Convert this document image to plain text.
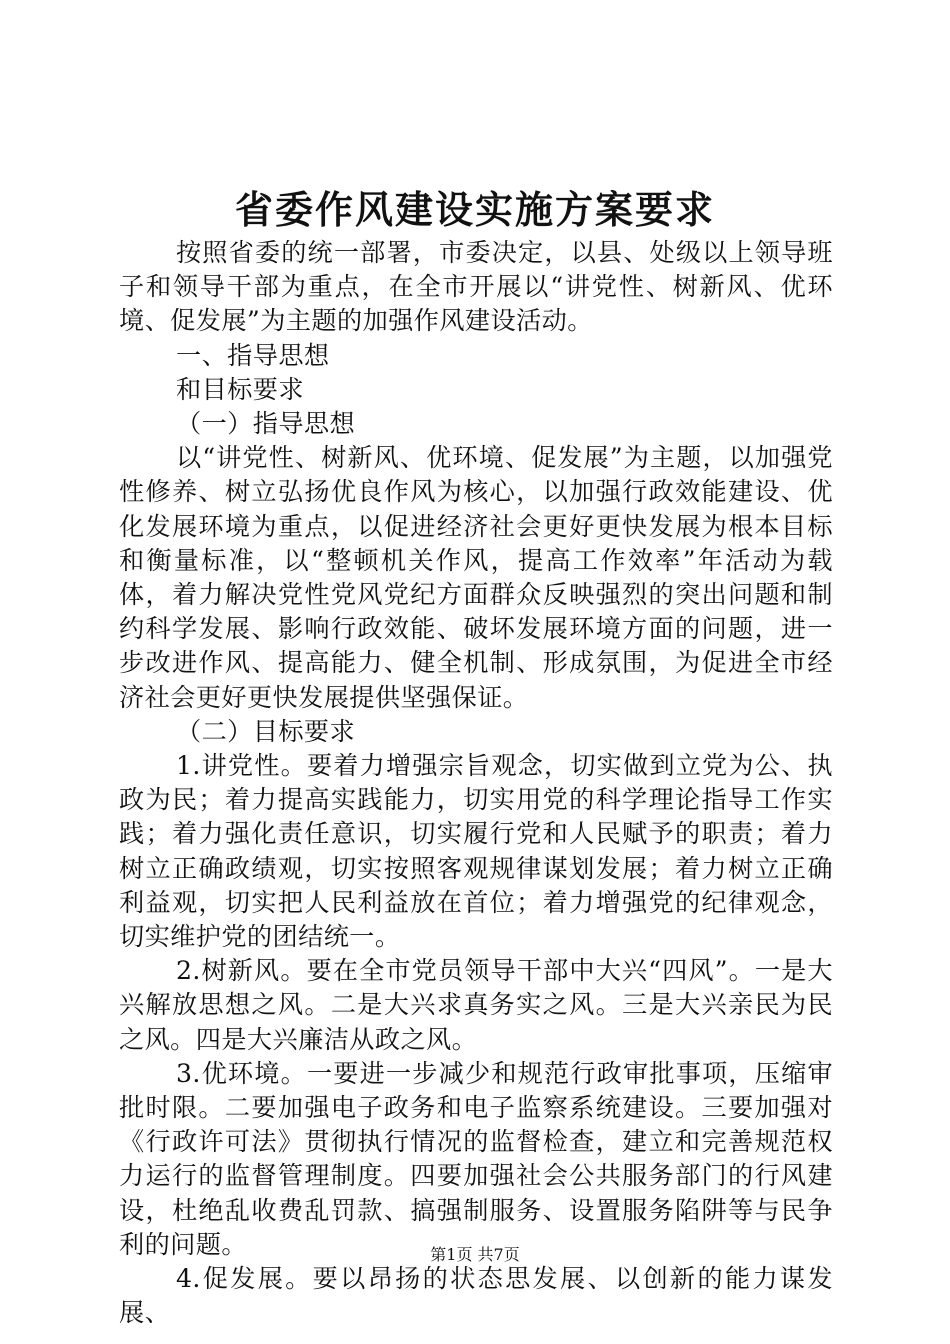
省委作风建设实施方案要求

按照省委的统一部署，市委决定，以县、处级以上领导班子和领导干部为重点，在全市开展以“讲党性、树新风、优环境、促发展”为主题的加强作风建设活动。

一、指导思想

和目标要求

（一）指导思想

以“讲党性、树新风、优环境、促发展”为主题，以加强党性修养、树立弘扬优良作风为核心，以加强行政效能建设、优化发展环境为重点，以促进经济社会更好更快发展为根本目标和衡量标准，以“整顿机关作风，提高工作效率”年活动为载体，着力解决党性党风党纪方面群众反映强烈的突出问题和制约科学发展、影响行政效能、破坏发展环境方面的问题，进一步改进作风、提高能力、健全机制、形成氛围，为促进全市经济社会更好更快发展提供坚强保证。

（二）目标要求

1.讲党性。要着力增强宗旨观念，切实做到立党为公、执政为民；着力提高实践能力，切实用党的科学理论指导工作实践；着力强化责任意识，切实履行党和人民赋予的职责；着力树立正确政绩观，切实按照客观规律谋划发展；着力树立正确利益观，切实把人民利益放在首位；着力增强党的纪律观念，切实维护党的团结统一。

2.树新风。要在全市党员领导干部中大兴“四风”。一是大兴解放思想之风。二是大兴求真务实之风。三是大兴亲民为民之风。四是大兴廉洁从政之风。

3.优环境。一要进一步减少和规范行政审批事项，压缩审批时限。二要加强电子政务和电子监察系统建设。三要加强对《行政许可法》贯彻执行情况的监督检查，建立和完善规范权力运行的监督管理制度。四要加强社会公共服务部门的行风建设，杜绝乱收费乱罚款、搞强制服务、设置服务陷阱等与民争利的问题。

4.促发展。要以昂扬的状态思发展、以创新的能力谋发展、

第1页 共7页
